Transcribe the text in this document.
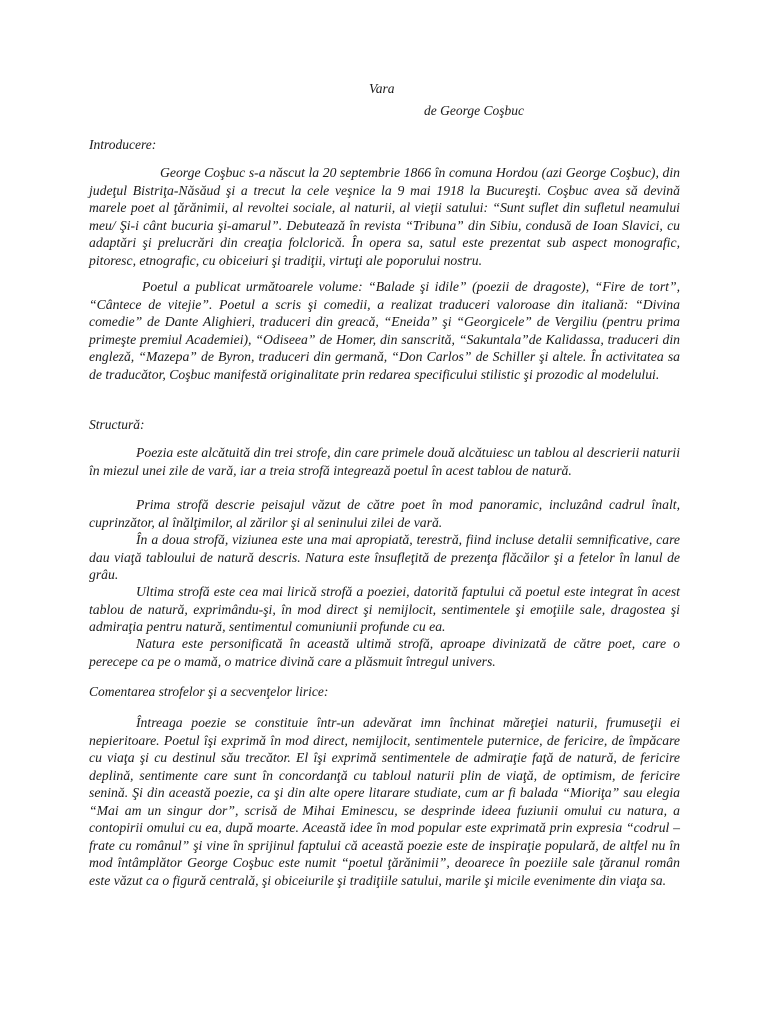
Vara
de George Coşbuc
Introducere:

George Coşbuc s-a născut la 20 septembrie 1866 în comuna Hordou (azi George Coşbuc), din judeţul Bistriţa-Năsăud şi a trecut la cele veşnice la 9 mai 1918 la Bucureşti. Coşbuc avea să devină marele poet al ţărănimii, al revoltei sociale, al naturii, al vieţii satului: “Sunt suflet din sufletul neamului meu/ Şi-i cânt bucuria şi-amarul”. Debutează în revista “Tribuna” din Sibiu, condusă de Ioan Slavici, cu adaptări şi prelucrări din creaţia folclorică. În opera sa, satul este prezentat sub aspect monografic, pitoresc, etnografic, cu obiceiuri şi tradiţii, virtuţi ale poporului nostru.

Poetul a publicat următoarele volume: “Balade şi idile” (poezii de dragoste), “Fire de tort”, “Cântece de vitejie”. Poetul a scris şi comedii, a realizat traduceri valoroase din italiană: “Divina comedie” de Dante Alighieri, traduceri din greacă, “Eneida” şi “Georgicele” de Vergiliu (pentru prima primeşte premiul Academiei), “Odiseea” de Homer, din sanscrită, “Sakuntala”de Kalidassa, traduceri din engleză, “Mazepa” de Byron, traduceri din germană, “Don Carlos” de Schiller şi altele. În activitatea sa de traducător, Coşbuc manifestă originalitate prin redarea specificului stilistic şi prozodic al modelului.

Structură:

Poezia este alcătuită din trei strofe, din care primele două alcătuiesc un tablou al descrierii naturii în miezul unei zile de vară, iar a treia strofă integrează poetul în acest tablou de natură.

Prima strofă descrie peisajul văzut de către poet în mod panoramic, incluzând cadrul înalt, cuprinzător, al înălţimilor, al zărilor şi al seninului zilei de vară.

În a doua strofă, viziunea este una mai apropiată, terestră, fiind incluse detalii semnificative, care dau viaţă tabloului de natură descris. Natura este însufleţită de prezenţa flăcăilor şi a fetelor în lanul de grâu.

Ultima strofă este cea mai lirică strofă a poeziei, datorită faptului că poetul este integrat în acest tablou de natură, exprimându-şi, în mod direct şi nemijlocit, sentimentele şi emoţiile sale, dragostea şi admiraţia pentru natură, sentimentul comuniunii profunde cu ea.

Natura este personificată în această ultimă strofă, aproape divinizată de către poet, care o perecepe ca pe o mamă, o matrice divină care a plăsmuit întregul univers.

Comentarea strofelor şi a secvenţelor lirice:

Întreaga poezie se constituie într-un adevărat imn închinat măreţiei naturii, frumuseţii ei nepieritoare. Poetul îşi exprimă în mod direct, nemijlocit, sentimentele puternice, de fericire, de împăcare cu viaţa şi cu destinul său trecător. El îşi exprimă sentimentele de admiraţie faţă de natură, de fericire deplină, sentimente care sunt în concordanţă cu tabloul naturii plin de viaţă, de optimism, de fericire senină. Şi din această poezie, ca şi din alte opere litarare studiate, cum ar fi balada “Mioriţa” sau elegia “Mai am un singur dor”, scrisă de Mihai Eminescu, se desprinde ideea fuziunii omului cu natura, a contopirii omului cu ea, după moarte. Această idee în mod popular este exprimată prin expresia “codrul – frate cu românul” şi vine în sprijinul faptului că această poezie este de inspiraţie populară, de altfel nu în mod întâmplător George Coşbuc este numit “poetul ţărănimii”, deoarece în poeziile sale ţăranul român este văzut ca o figură centrală, şi obiceiurile şi tradiţiile satului, marile şi micile evenimente din viaţa sa.
